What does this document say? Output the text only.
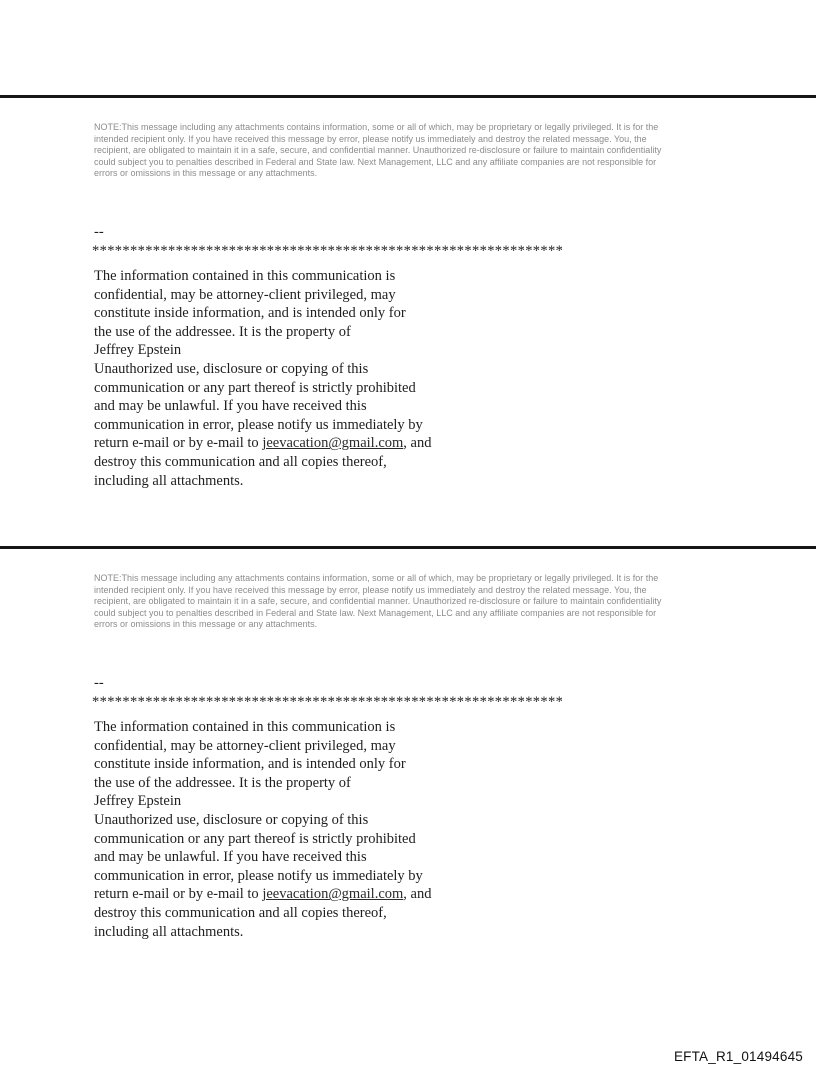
NOTE:This message including any attachments contains information, some or all of which, may be proprietary or legally privileged. It is for the
intended recipient only. If you have received this message by error, please notify us immediately and destroy the related message. You, the
recipient, are obligated to maintain it in a safe, secure, and confidential manner. Unauthorized re-disclosure or failure to maintain confidentiality
could subject you to penalties described in Federal and State law. Next Management, LLC and any affiliate companies are not responsible for
errors or omissions in this message or any attachments.
--
**************************************************************
The information contained in this communication is
confidential, may be attorney-client privileged, may
constitute inside information, and is intended only for
the use of the addressee. It is the property of
Jeffrey Epstein
Unauthorized use, disclosure or copying of this
communication or any part thereof is strictly prohibited
and may be unlawful. If you have received this
communication in error, please notify us immediately by
return e-mail or by e-mail to jeevacation@gmail.com, and
destroy this communication and all copies thereof,
including all attachments.
NOTE:This message including any attachments contains information, some or all of which, may be proprietary or legally privileged. It is for the
intended recipient only. If you have received this message by error, please notify us immediately and destroy the related message. You, the
recipient, are obligated to maintain it in a safe, secure, and confidential manner. Unauthorized re-disclosure or failure to maintain confidentiality
could subject you to penalties described in Federal and State law. Next Management, LLC and any affiliate companies are not responsible for
errors or omissions in this message or any attachments.
--
**************************************************************
The information contained in this communication is
confidential, may be attorney-client privileged, may
constitute inside information, and is intended only for
the use of the addressee. It is the property of
Jeffrey Epstein
Unauthorized use, disclosure or copying of this
communication or any part thereof is strictly prohibited
and may be unlawful. If you have received this
communication in error, please notify us immediately by
return e-mail or by e-mail to jeevacation@gmail.com, and
destroy this communication and all copies thereof,
including all attachments.
EFTA_R1_01494645
